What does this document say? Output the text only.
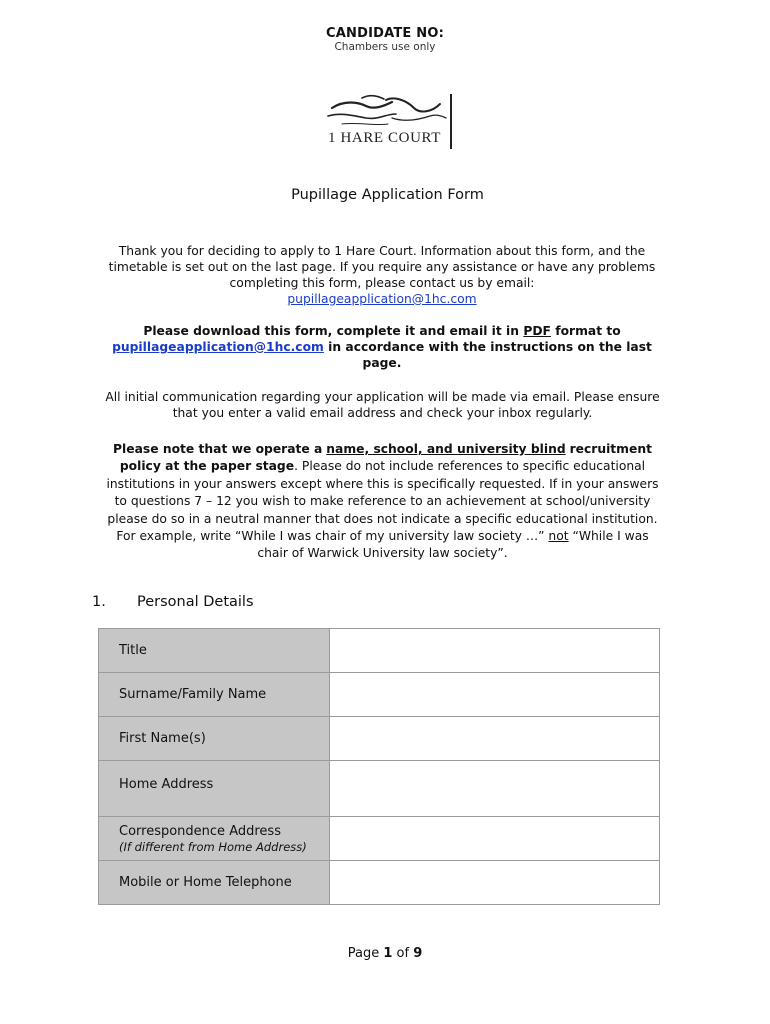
CANDIDATE NO:
Chambers use only
1 HARE COURT
Pupillage Application Form
Thank you for deciding to apply to 1 Hare Court. Information about this form, and the timetable is set out on the last page. If you require any assistance or have any problems completing this form, please contact us by email:
pupillageapplication@1hc.com
Please download this form, complete it and email it in PDF format to
pupillageapplication@1hc.com in accordance with the instructions on the last page.
All initial communication regarding your application will be made via email. Please ensure that you enter a valid email address and check your inbox regularly.
Please note that we operate a name, school, and university blind recruitment policy at the paper stage. Please do not include references to specific educational institutions in your answers except where this is specifically requested. If in your answers to questions 7 – 12 you wish to make reference to an achievement at school/university please do so in a neutral manner that does not indicate a specific educational institution. For example, write “While I was chair of my university law society …” not “While I was chair of Warwick University law society”.
1. Personal Details
Title	
Surname/Family Name	
First Name(s)	
Home Address	
Correspondence Address
(If different from Home Address)	

Mobile or Home Telephone	
Page 1 of 9
